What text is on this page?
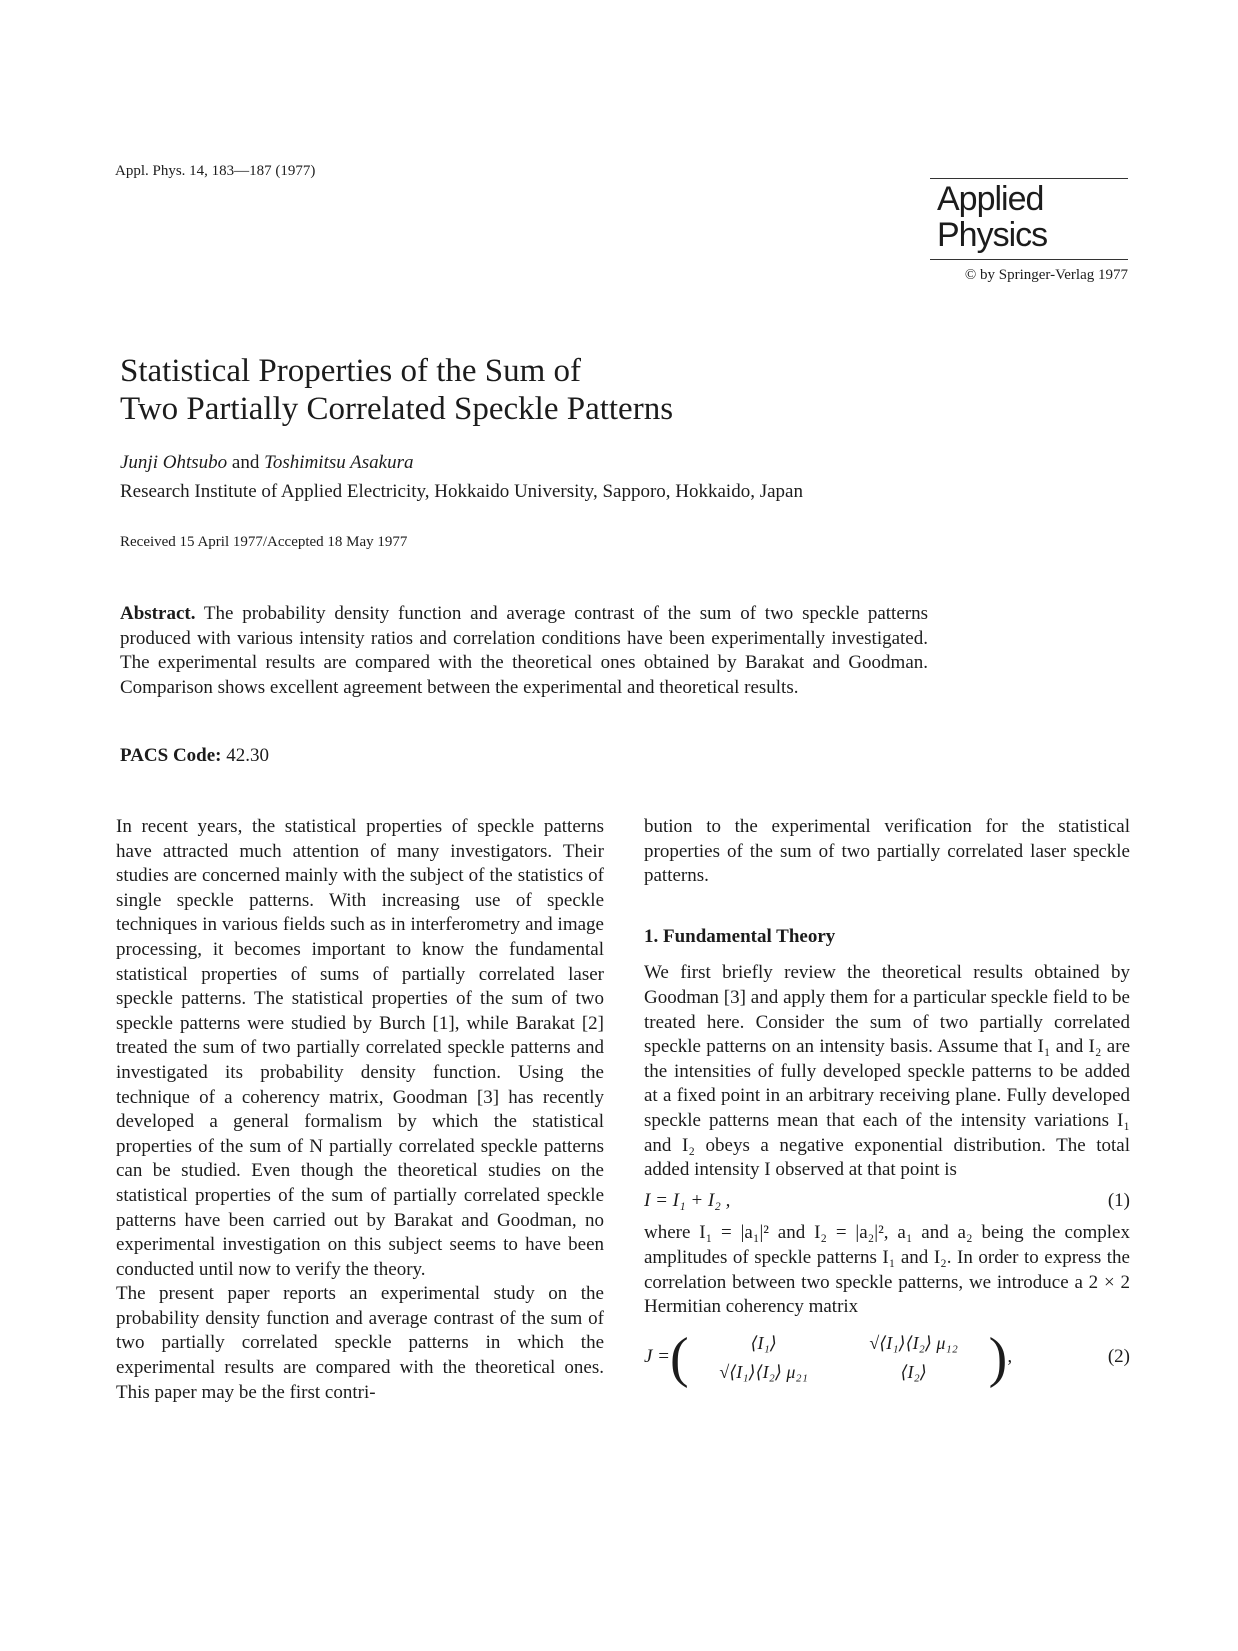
Appl. Phys. 14, 183—187 (1977)
Applied
Physics
© by Springer-Verlag 1977
Statistical Properties of the Sum of
Two Partially Correlated Speckle Patterns
Junji Ohtsubo and Toshimitsu Asakura
Research Institute of Applied Electricity, Hokkaido University, Sapporo, Hokkaido, Japan
Received 15 April 1977/Accepted 18 May 1977
Abstract. The probability density function and average contrast of the sum of two speckle patterns produced with various intensity ratios and correlation conditions have been experimentally investigated. The experimental results are compared with the theoretical ones obtained by Barakat and Goodman. Comparison shows excellent agreement between the experimental and theoretical results.
PACS Code: 42.30

In recent years, the statistical properties of speckle patterns have attracted much attention of many investigators. Their studies are concerned mainly with the subject of the statistics of single speckle patterns. With increasing use of speckle techniques in various fields such as in interferometry and image processing, it becomes important to know the fundamental statistical properties of sums of partially correlated laser speckle patterns. The statistical properties of the sum of two speckle patterns were studied by Burch [1], while Barakat [2] treated the sum of two partially correlated speckle patterns and investigated its probability density function. Using the technique of a coherency matrix, Goodman [3] has recently developed a general formalism by which the statistical properties of the sum of N partially correlated speckle patterns can be studied. Even though the theoretical studies on the statistical properties of the sum of partially correlated speckle patterns have been carried out by Barakat and Goodman, no experimental investigation on this subject seems to have been conducted until now to verify the theory.

The present paper reports an experimental study on the probability density function and average contrast of the sum of two partially correlated speckle patterns in which the experimental results are compared with the theoretical ones. This paper may be the first contri-

bution to the experimental verification for the statistical properties of the sum of two partially correlated laser speckle patterns.

1. Fundamental Theory

We first briefly review the theoretical results obtained by Goodman [3] and apply them for a particular speckle field to be treated here. Consider the sum of two partially correlated speckle patterns on an intensity basis. Assume that I₁ and I₂ are the intensities of fully developed speckle patterns to be added at a fixed point in an arbitrary receiving plane. Fully developed speckle patterns mean that each of the intensity variations I₁ and I₂ obeys a negative exponential distribution. The total added intensity I observed at that point is

I = I₁ + I₂ ,	(1)

where I₁ = |a₁|² and I₂ = |a₂|², a₁ and a₂ being the complex amplitudes of speckle patterns I₁ and I₂. In order to express the correlation between two speckle patterns, we introduce a 2 × 2 Hermitian coherency matrix

J = (	⟨I₁⟩	√⟨I₁⟩⟨I₂⟩ μ₁₂
√⟨I₁⟩⟨I₂⟩ μ₂₁	⟨I₂⟩	) ,	(2)
